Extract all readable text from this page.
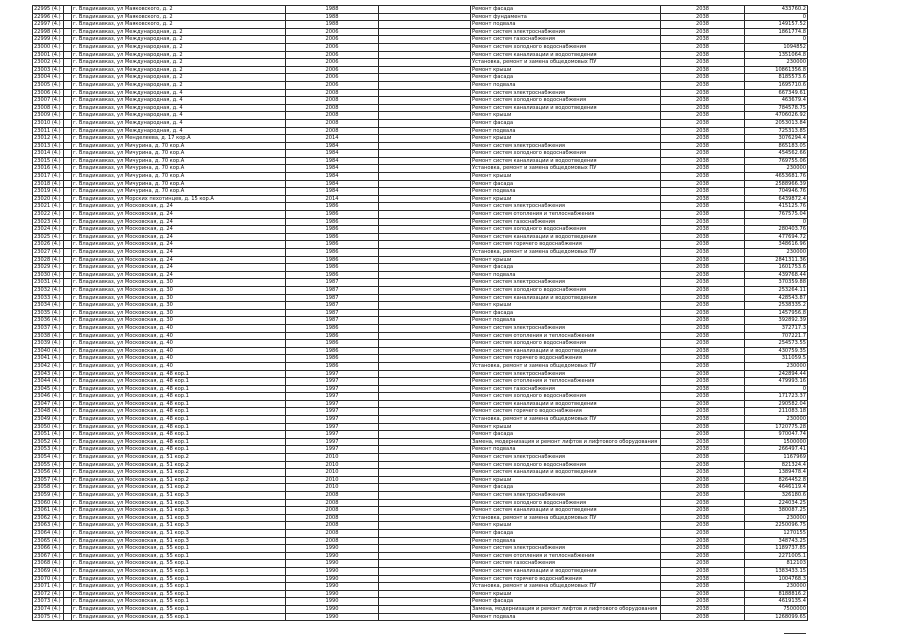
22995 (4.)		г. Владикавказ, ул Маяковского, д. 2	1988		Ремонт фасада	2038	433760.2
22996 (4.)		г. Владикавказ, ул Маяковского, д. 2	1988		Ремонт фундамента	2038	0
22997 (4.)		г. Владикавказ, ул Маяковского, д. 2	1988		Ремонт подвала	2038	149157.52
22998 (4.)		г. Владикавказ, ул Международная, д. 2	2006		Ремонт систем электроснабжения	2038	1861774.8
22999 (4.)		г. Владикавказ, ул Международная, д. 2	2006		Ремонт систем газоснабжения	2038	0
23000 (4.)		г. Владикавказ, ул Международная, д. 2	2006		Ремонт систем холодного водоснабжения	2038	1094852
23001 (4.)		г. Владикавказ, ул Международная, д. 2	2006		Ремонт систем канализации и водоотведения	2038	1351064.8
23002 (4.)		г. Владикавказ, ул Международная, д. 2	2006		Установка, ремонт и замена общедомовых ПУ	2038	230000
23003 (4.)		г. Владикавказ, ул Международная, д. 2	2006		Ремонт крыши	2038	10861356.8
23004 (4.)		г. Владикавказ, ул Международная, д. 2	2006		Ремонт фасада	2038	8185573.6
23005 (4.)		г. Владикавказ, ул Международная, д. 2	2006		Ремонт подвала	2038	1695710.6
23006 (4.)		г. Владикавказ, ул Международная, д. 4	2008		Ремонт систем электроснабжения	2038	667349.61
23007 (4.)		г. Владикавказ, ул Международная, д. 4	2008		Ремонт систем холодного водоснабжения	2038	463679.4
23008 (4.)		г. Владикавказ, ул Международная, д. 4	2008		Ремонт систем канализации и водоотведения	2038	784578.75
23009 (4.)		г. Владикавказ, ул Международная, д. 4	2008		Ремонт крыши	2038	4706026.92
23010 (4.)		г. Владикавказ, ул Международная, д. 4	2008		Ремонт фасада	2038	2053013.84
23011 (4.)		г. Владикавказ, ул Международная, д. 4	2008		Ремонт подвала	2038	725313.85
23012 (4.)		г. Владикавказ, ул Менделеева, д. 17 кор.А	2014		Ремонт крыши	2038	3076294.4
23013 (4.)		г. Владикавказ, ул Мичурина, д. 70 кор.А	1984		Ремонт систем электроснабжения	2038	865183.05
23014 (4.)		г. Владикавказ, ул Мичурина, д. 70 кор.А	1984		Ремонт систем холодного водоснабжения	2038	454562.66
23015 (4.)		г. Владикавказ, ул Мичурина, д. 70 кор.А	1984		Ремонт систем канализации и водоотведения	2038	769755.06
23016 (4.)		г. Владикавказ, ул Мичурина, д. 70 кор.А	1984		Установка, ремонт и замена общедомовых ПУ	2038	230000
23017 (4.)		г. Владикавказ, ул Мичурина, д. 70 кор.А	1984		Ремонт крыши	2038	4653681.76
23018 (4.)		г. Владикавказ, ул Мичурина, д. 70 кор.А	1984		Ремонт фасада	2038	2588966.39
23019 (4.)		г. Владикавказ, ул Мичурина, д. 70 кор.А	1984		Ремонт подвала	2038	704946.76
23020 (4.)		г. Владикавказ, ул Морских пехотинцев, д. 15 кор.А	2014		Ремонт крыши	2038	6439872.4
23021 (4.)		г. Владикавказ, ул Московская, д. 24	1986		Ремонт систем электроснабжения	2038	415125.76
23022 (4.)		г. Владикавказ, ул Московская, д. 24	1986		Ремонт систем отопления и теплоснабжения	2038	767575.04
23023 (4.)		г. Владикавказ, ул Московская, д. 24	1986		Ремонт систем газоснабжения	2038	0
23024 (4.)		г. Владикавказ, ул Московская, д. 24	1986		Ремонт систем холодного водоснабжения	2038	280403.76
23025 (4.)		г. Владикавказ, ул Московская, д. 24	1986		Ремонт систем канализации и водоотведения	2038	477694.72
23026 (4.)		г. Владикавказ, ул Московская, д. 24	1986		Ремонт систем горячего водоснабжения	2038	348616.96
23027 (4.)		г. Владикавказ, ул Московская, д. 24	1986		Установка, ремонт и замена общедомовых ПУ	2038	230000
23028 (4.)		г. Владикавказ, ул Московская, д. 24	1986		Ремонт крыши	2038	2841311.36
23029 (4.)		г. Владикавказ, ул Московская, д. 24	1986		Ремонт фасада	2038	1601753.6
23030 (4.)		г. Владикавказ, ул Московская, д. 24	1986		Ремонт подвала	2038	439768.44
23031 (4.)		г. Владикавказ, ул Московская, д. 30	1987		Ремонт систем электроснабжения	2038	370359.88
23032 (4.)		г. Владикавказ, ул Московская, д. 30	1987		Ремонт систем холодного водоснабжения	2038	253264.11
23033 (4.)		г. Владикавказ, ул Московская, д. 30	1987		Ремонт систем канализации и водоотведения	2038	428543.87
23034 (4.)		г. Владикавказ, ул Московская, д. 30	1987		Ремонт крыши	2038	2538335.2
23035 (4.)		г. Владикавказ, ул Московская, д. 30	1987		Ремонт фасада	2038	1457956.8
23036 (4.)		г. Владикавказ, ул Московская, д. 30	1987		Ремонт подвала	2038	392892.39
23037 (4.)		г. Владикавказ, ул Московская, д. 40	1986		Ремонт систем электроснабжения	2038	372717.3
23038 (4.)		г. Владикавказ, ул Московская, д. 40	1986		Ремонт систем отопления и теплоснабжения	2038	707221.7
23039 (4.)		г. Владикавказ, ул Московская, д. 40	1986		Ремонт систем холодного водоснабжения	2038	254573.55
23040 (4.)		г. Владикавказ, ул Московская, д. 40	1986		Ремонт систем канализации и водоотведения	2038	430759.35
23041 (4.)		г. Владикавказ, ул Московская, д. 40	1986		Ремонт систем горячего водоснабжения	2038	311059.5
23042 (4.)		г. Владикавказ, ул Московская, д. 40	1986		Установка, ремонт и замена общедомовых ПУ	2038	230000
23043 (4.)		г. Владикавказ, ул Московская, д. 48 кор.1	1997		Ремонт систем электроснабжения	2038	242894.44
23044 (4.)		г. Владикавказ, ул Московская, д. 48 кор.1	1997		Ремонт систем отопления и теплоснабжения	2038	479993.16
23045 (4.)		г. Владикавказ, ул Московская, д. 48 кор.1	1997		Ремонт систем газоснабжения	2038	0
23046 (4.)		г. Владикавказ, ул Московская, д. 48 кор.1	1997		Ремонт систем холодного водоснабжения	2038	171723.37
23047 (4.)		г. Владикавказ, ул Московская, д. 48 кор.1	1997		Ремонт систем канализации и водоотведения	2038	290582.04
23048 (4.)		г. Владикавказ, ул Московская, д. 48 кор.1	1997		Ремонт систем горячего водоснабжения	2038	211083.18
23049 (4.)		г. Владикавказ, ул Московская, д. 48 кор.1	1997		Установка, ремонт и замена общедомовых ПУ	2038	230000
23050 (4.)		г. Владикавказ, ул Московская, д. 48 кор.1	1997		Ремонт крыши	2038	1720775.28
23051 (4.)		г. Владикавказ, ул Московская, д. 48 кор.1	1997		Ремонт фасада	2038	970047.74
23052 (4.)		г. Владикавказ, ул Московская, д. 48 кор.1	1997		Замена, модернизация и ремонт лифтов и лифтового оборудования	2038	1500000
23053 (4.)		г. Владикавказ, ул Московская, д. 48 кор.1	1997		Ремонт подвала	2038	266497.41
23054 (4.)		г. Владикавказ, ул Московская, д. 51 кор.2	2010		Ремонт систем электроснабжения	2038	1167969
23055 (4.)		г. Владикавказ, ул Московская, д. 51 кор.2	2010		Ремонт систем холодного водоснабжения	2038	821324.4
23056 (4.)		г. Владикавказ, ул Московская, д. 51 кор.2	2010		Ремонт систем канализации и водоотведения	2038	1389478.4
23057 (4.)		г. Владикавказ, ул Московская, д. 51 кор.2	2010		Ремонт крыши	2038	8264452.8
23058 (4.)		г. Владикавказ, ул Московская, д. 51 кор.2	2010		Ремонт фасада	2038	4646119.4
23059 (4.)		г. Владикавказ, ул Московская, д. 51 кор.3	2008		Ремонт систем электроснабжения	2038	326180.6
23060 (4.)		г. Владикавказ, ул Московская, д. 51 кор.3	2008		Ремонт систем холодного водоснабжения	2038	224034.25
23061 (4.)		г. Владикавказ, ул Московская, д. 51 кор.3	2008		Ремонт систем канализации и водоотведения	2038	380087.25
23062 (4.)		г. Владикавказ, ул Московская, д. 51 кор.3	2008		Установка, ремонт и замена общедомовых ПУ	2038	230000
23063 (4.)		г. Владикавказ, ул Московская, д. 51 кор.3	2008		Ремонт крыши	2038	2250096.75
23064 (4.)		г. Владикавказ, ул Московская, д. 51 кор.3	2008		Ремонт фасада	2038	1270155
23065 (4.)		г. Владикавказ, ул Московская, д. 51 кор.3	2008		Ремонт подвала	2038	348743.25
23066 (4.)		г. Владикавказ, ул Московская, д. 55 кор.1	1990		Ремонт систем электроснабжения	2038	1189737.85
23067 (4.)		г. Владикавказ, ул Московская, д. 55 кор.1	1990		Ремонт систем отопления и теплоснабжения	2038	2271005.1
23068 (4.)		г. Владикавказ, ул Московская, д. 55 кор.1	1990		Ремонт систем газоснабжения	2038	812103
23069 (4.)		г. Владикавказ, ул Московская, д. 55 кор.1	1990		Ремонт систем канализации и водоотведения	2038	1383433.15
23070 (4.)		г. Владикавказ, ул Московская, д. 55 кор.1	1990		Ремонт систем горячего водоснабжения	2038	1004768.3
23071 (4.)		г. Владикавказ, ул Московская, д. 55 кор.1	1990		Установка, ремонт и замена общедомовых ПУ	2038	230000
23072 (4.)		г. Владикавказ, ул Московская, д. 55 кор.1	1990		Ремонт крыши	2038	8188816.2
23073 (4.)		г. Владикавказ, ул Московская, д. 55 кор.1	1990		Ремонт фасада	2038	4619135.4
23074 (4.)		г. Владикавказ, ул Московская, д. 55 кор.1	1990		Замена, модернизация и ремонт лифтов и лифтового оборудования	2038	7500000
23075 (4.)		г. Владикавказ, ул Московская, д. 55 кор.1	1990		Ремонт подвала	2038	1268099.65
